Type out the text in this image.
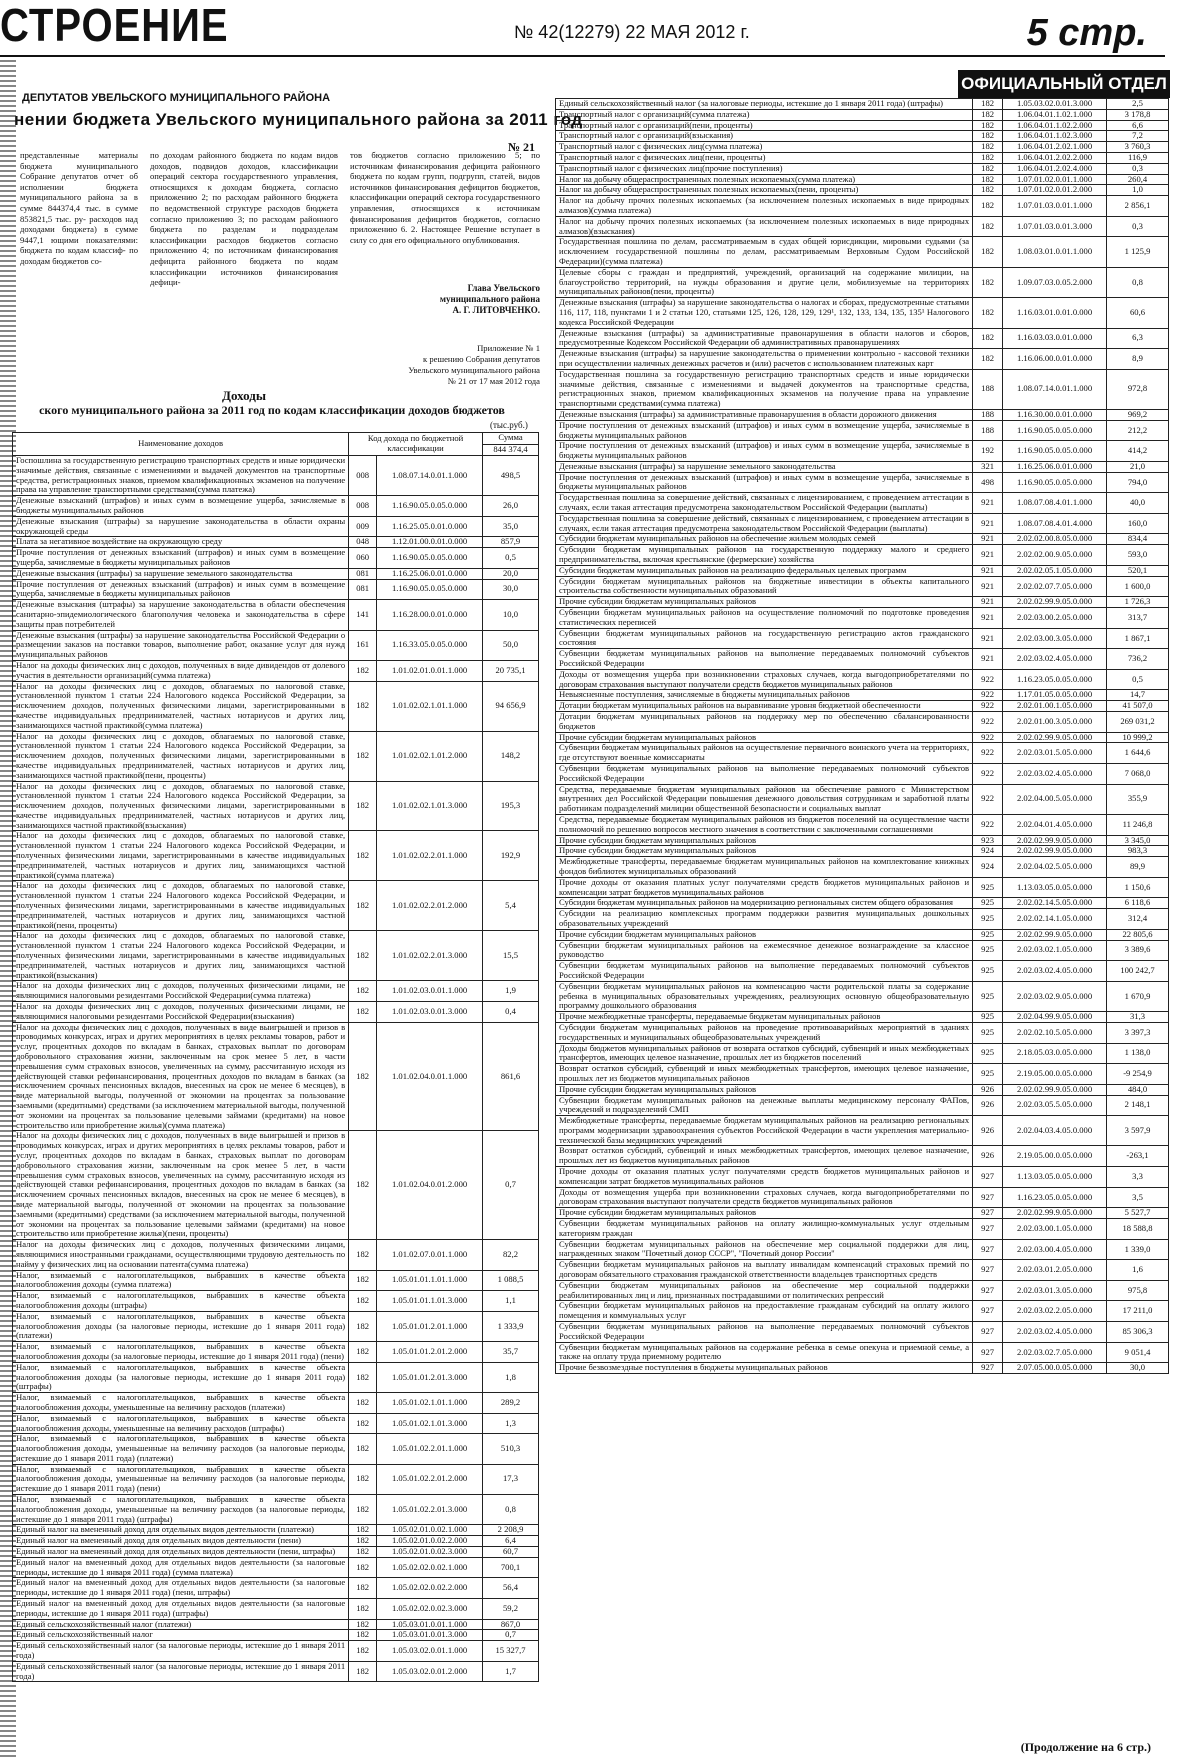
СТРОЕНИЕ	№ 42(12279) 22 МАЯ 2012 г.	5 стр.
ОФИЦИАЛЬНЫЙ ОТДЕЛ
ДЕПУТАТОВ УВЕЛЬСКОГО МУНИЦИПАЛЬНОГО РАЙОНА
нении бюджета Увельского муниципального района за 2011 год
№ 21

представленные материалы бюджета муниципального Собрание депутатов отчет об исполнении бюджета муниципального района за в сумме 844374,4 тыс. в сумме 853821,5 тыс. ру- расходов над доходами бюджета) в сумме 9447,1 ющими показателями: бюджета по кодам классиф- по доходам бюджетов со-

по доходам районного бюджета по кодам видов доходов, подвидов доходов, классификации операций сектора государственного управления, относящихся к доходам бюджета, согласно приложению 2; по расходам районного бюджета по ведомственной структуре расходов бюджета согласно приложению 3; по расходам районного бюджета по разделам и подразделам классификации расходов бюджетов согласно приложению 4; по источникам финансирования дефицита районного бюджета по кодам классификации источников финансирования дефици-

тов бюджетов согласно приложению 5; по источникам финансирования дефицита районного бюджета по кодам групп, подгрупп, статей, видов источников финансирования дефицитов бюджетов, классификации операций сектора государственного управления, относящихся к источникам финансирования дефицитов бюджетов, согласно приложению 6. 2. Настоящее Решение вступает в силу со дня его официального опубликования.

Глава Увельского
муниципального района
А. Г. ЛИТОВЧЕНКО.
Приложение № 1
к решению Собрания депутатов
Увельского муниципального района
№ 21 от 17 мая 2012 года
Доходы
ского муниципального района за 2011 год по кодам классификации доходов бюджетов
(тыс.руб.)
Наименование доходов	Код дохода по бюджетной классификации		Сумма
			844 374,4
Госпошлина за государственную регистрацию транспортных средств и иные юридически значимые действия, связанные с изменениями и выдачей документов на транспортные средства, регистрационных знаков, приемом квалификационных экзаменов на получение права на управление транспортными средствами(сумма платежа)	008	1.08.07.14.0.01.1.000	498,5
Денежные взысканий (штрафов) и иных сумм в возмещение ущерба, зачисляемые в бюджеты муниципальных районов	008	1.16.90.05.0.05.0.000	26,0
Денежные взыскания (штрафы) за нарушение законодательства в области охраны окружающей среды	009	1.16.25.05.0.01.0.000	35,0
Плата за негативное воздействие на окружающую среду	048	1.12.01.00.0.01.0.000	857,9
Прочие поступления от денежных взысканий (штрафов) и иных сумм в возмещение ущерба, зачисляемые в бюджеты муниципальных районов	060	1.16.90.05.0.05.0.000	0,5
Денежные взыскания (штрафы) за нарушение земельного законодательства	081	1.16.25.06.0.01.0.000	20,0
Прочие поступления от денежных взысканий (штрафов) и иных сумм в возмещение ущерба, зачисляемые в бюджеты муниципальных районов	081	1.16.90.05.0.05.0.000	30,0
Денежные взыскания (штрафы) за нарушение законодательства в области обеспечения санитарно-эпидемиологического благополучия человека и законодательства в сфере защиты прав потребителей	141	1.16.28.00.0.01.0.000	10,0
Денежные взыскания (штрафы) за нарушение законодательства Российской Федерации о размещении заказов на поставки товаров, выполнение работ, оказание услуг для нужд муниципальных районов	161	1.16.33.05.0.05.0.000	50,0
Налог на доходы физических лиц с доходов, полученных в виде дивидендов от долевого участия в деятельности организаций(сумма платежа)	182	1.01.02.01.0.01.1.000	20 735,1
Налог на доходы физических лиц с доходов, облагаемых по налоговой ставке, установленной пунктом 1 статьи 224 Налогового кодекса Российской Федерации, за исключением доходов, полученных физическими лицами, зарегистрированными в качестве индивидуальных предпринимателей, частных нотариусов и других лиц, занимающихся частной практикой(сумма платежа)	182	1.01.02.02.1.01.1.000	94 656,9
Налог на доходы физических лиц с доходов, облагаемых по налоговой ставке, установленной пунктом 1 статьи 224 Налогового кодекса Российской Федерации, за исключением доходов, полученных физическими лицами, зарегистрированными в качестве индивидуальных предпринимателей, частных нотариусов и других лиц, занимающихся частной практикой(пени, проценты)	182	1.01.02.02.1.01.2.000	148,2
Налог на доходы физических лиц с доходов, облагаемых по налоговой ставке, установленной пунктом 1 статьи 224 Налогового кодекса Российской Федерации, за исключением доходов, полученных физическими лицами, зарегистрированными в качестве индивидуальных предпринимателей, частных нотариусов и других лиц, занимающихся частной практикой(взыскания)	182	1.01.02.02.1.01.3.000	195,3
Налог на доходы физических лиц с доходов, облагаемых по налоговой ставке, установленной пунктом 1 статьи 224 Налогового кодекса Российской Федерации, и полученных физическими лицами, зарегистрированными в качестве индивидуальных предпринимателей, частных нотариусов и других лиц, занимающихся частной практикой(сумма платежа)	182	1.01.02.02.2.01.1.000	192,9
Налог на доходы физических лиц с доходов, облагаемых по налоговой ставке, установленной пунктом 1 статьи 224 Налогового кодекса Российской Федерации, и полученных физическими лицами, зарегистрированными в качестве индивидуальных предпринимателей, частных нотариусов и других лиц, занимающихся частной практикой(пени, проценты)	182	1.01.02.02.2.01.2.000	5,4
Налог на доходы физических лиц с доходов, облагаемых по налоговой ставке, установленной пунктом 1 статьи 224 Налогового кодекса Российской Федерации, и полученных физическими лицами, зарегистрированными в качестве индивидуальных предпринимателей, частных нотариусов и других лиц, занимающихся частной практикой(взыскания)	182	1.01.02.02.2.01.3.000	15,5
Налог на доходы физических лиц с доходов, полученных физическими лицами, не являющимися налоговыми резидентами Российской Федерации(сумма платежа)	182	1.01.02.03.0.01.1.000	1,9
Налог на доходы физических лиц с доходов, полученных физическими лицами, не являющимися налоговыми резидентами Российской Федерации(взыскания)	182	1.01.02.03.0.01.3.000	0,4
Налог на доходы физических лиц с доходов, полученных в виде выигрышей и призов в проводимых конкурсах, играх и других мероприятиях в целях рекламы товаров, работ и услуг, процентных доходов по вкладам в банках, страховых выплат по договорам добровольного страхования жизни, заключенным на срок менее 5 лет, в части превышения сумм страховых взносов, увеличенных на сумму, рассчитанную исходя из действующей ставки рефинансирования, процентных доходов по вкладам в банках (за исключением срочных пенсионных вкладов, внесенных на срок не менее 6 месяцев), в виде материальной выгоды, полученной от экономии на процентах за пользование заемными (кредитными) средствами (за исключением материальной выгоды, полученной от экономии на процентах за пользование целевыми займами (кредитами) на новое строительство или приобретение жилья)(сумма платежа)	182	1.01.02.04.0.01.1.000	861,6
Налог на доходы физических лиц с доходов, полученных в виде выигрышей и призов в проводимых конкурсах, играх и других мероприятиях в целях рекламы товаров, работ и услуг, процентных доходов по вкладам в банках, страховых выплат по договорам добровольного страхования жизни, заключенным на срок менее 5 лет, в части превышения сумм страховых взносов, увеличенных на сумму, рассчитанную исходя из действующей ставки рефинансирования, процентных доходов по вкладам в банках (за исключением срочных пенсионных вкладов, внесенных на срок не менее 6 месяцев), в виде материальной выгоды, полученной от экономии на процентах за пользование заемными (кредитными) средствами (за исключением материальной выгоды, полученной от экономии на процентах за пользование целевыми займами (кредитами) на новое строительство или приобретение жилья)(пени, проценты)	182	1.01.02.04.0.01.2.000	0,7
Налог на доходы физических лиц с доходов, полученных физическими лицами, являющимися иностранными гражданами, осуществляющими трудовую деятельность по найму у физических лиц на основании патента(сумма платежа)	182	1.01.02.07.0.01.1.000	82,2
Налог, взимаемый с налогоплательщиков, выбравших в качестве объекта налогообложения доходы (сумма платежа)	182	1.05.01.01.1.01.1.000	1 088,5
Налог, взимаемый с налогоплательщиков, выбравших в качестве объекта налогообложения доходы (штрафы)	182	1.05.01.01.1.01.3.000	1,1
Налог, взимаемый с налогоплательщиков, выбравших в качестве объекта налогообложения доходы (за налоговые периоды, истекшие до 1 января 2011 года) (платежи)	182	1.05.01.01.2.01.1.000	1 333,9
Налог, взимаемый с налогоплательщиков, выбравших в качестве объекта налогообложения доходы (за налоговые периоды, истекшие до 1 января 2011 года) (пени)	182	1.05.01.01.2.01.2.000	35,7
Налог, взимаемый с налогоплательщиков, выбравших в качестве объекта налогообложения доходы (за налоговые периоды, истекшие до 1 января 2011 года) (штрафы)	182	1.05.01.01.2.01.3.000	1,8
Налог, взимаемый с налогоплательщиков, выбравших в качестве объекта налогообложения доходы, уменьшенные на величину расходов (платежи)	182	1.05.01.02.1.01.1.000	289,2
Налог, взимаемый с налогоплательщиков, выбравших в качестве объекта налогообложения доходы, уменьшенные на величину расходов (штрафы)	182	1.05.01.02.1.01.3.000	1,3
Налог, взимаемый с налогоплательщиков, выбравших в качестве объекта налогообложения доходы, уменьшенные на величину расходов (за налоговые периоды, истекшие до 1 января 2011 года) (платежи)	182	1.05.01.02.2.01.1.000	510,3
Налог, взимаемый с налогоплательщиков, выбравших в качестве объекта налогообложения доходы, уменьшенные на величину расходов (за налоговые периоды, истекшие до 1 января 2011 года) (пени)	182	1.05.01.02.2.01.2.000	17,3
Налог, взимаемый с налогоплательщиков, выбравших в качестве объекта налогообложения доходы, уменьшенные на величину расходов (за налоговые периоды, истекшие до 1 января 2011 года) (штрафы)	182	1.05.01.02.2.01.3.000	0,8
Единый налог на вмененный доход для отдельных видов деятельности (платежи)	182	1.05.02.01.0.02.1.000	2 208,9
Единый налог на вмененный доход для отдельных видов деятельности (пени)	182	1.05.02.01.0.02.2.000	6,4
Единый налог на вмененный доход для отдельных видов деятельности (пени, штрафы)	182	1.05.02.01.0.02.3.000	60,7
Единый налог на вмененный доход для отдельных видов деятельности (за налоговые периоды, истекшие до 1 января 2011 года) (сумма платежа)	182	1.05.02.02.0.02.1.000	700,1
Единый налог на вмененный доход для отдельных видов деятельности (за налоговые периоды, истекшие до 1 января 2011 года) (пени, штрафы)	182	1.05.02.02.0.02.2.000	56,4
Единый налог на вмененный доход для отдельных видов деятельности (за налоговые периоды, истекшие до 1 января 2011 года) (штрафы)	182	1.05.02.02.0.02.3.000	59,2
Единый сельскохозяйственный налог (платежи)	182	1.05.03.01.0.01.1.000	867,0
Единый сельскохозяйственный налог	182	1.05.03.01.0.01.3.000	0,7
Единый сельскохозяйственный налог (за налоговые периоды, истекшие до 1 января 2011 года)	182	1.05.03.02.0.01.1.000	15 327,7
Единый сельскохозяйственный налог (за налоговые периоды, истекшие до 1 января 2011 года)	182	1.05.03.02.0.01.2.000	1,7
Единый сельскохозяйственный налог (за налоговые периоды, истекшие до 1 января 2011 года) (штрафы)	182	1.05.03.02.0.01.3.000	2,5
Транспортный налог с организаций(сумма платежа)	182	1.06.04.01.1.02.1.000	3 178,8
Транспортный налог с организаций(пени, проценты)	182	1.06.04.01.1.02.2.000	6,6
Транспортный налог с организаций(взыскания)	182	1.06.04.01.1.02.3.000	7,2
Транспортный налог с физических лиц(сумма платежа)	182	1.06.04.01.2.02.1.000	3 760,3
Транспортный налог с физических лиц(пени, проценты)	182	1.06.04.01.2.02.2.000	116,9
Транспортный налог с физических лиц(прочие поступления)	182	1.06.04.01.2.02.4.000	0,3
Налог на добычу общераспространенных полезных ископаемых(сумма платежа)	182	1.07.01.02.0.01.1.000	260,4
Налог на добычу общераспространенных полезных ископаемых(пени, проценты)	182	1.07.01.02.0.01.2.000	1,0
Налог на добычу прочих полезных ископаемых (за исключением полезных ископаемых в виде природных алмазов)(сумма платежа)	182	1.07.01.03.0.01.1.000	2 856,1
Налог на добычу прочих полезных ископаемых (за исключением полезных ископаемых в виде природных алмазов)(взыскания)	182	1.07.01.03.0.01.3.000	0,3
Государственная пошлина по делам, рассматриваемым в судах общей юрисдикции, мировыми судьями (за исключением государственной пошлины по делам, рассматриваемым Верховным Судом Российской Федерации)(сумма платежа)	182	1.08.03.01.0.01.1.000	1 125,9
Целевые сборы с граждан и предприятий, учреждений, организаций на содержание милиции, на благоустройство территорий, на нужды образования и другие цели, мобилизуемые на территориях муниципальных районов(пени, проценты)	182	1.09.07.03.0.05.2.000	0,8
Денежные взыскания (штрафы) за нарушение законодательства о налогах и сборах, предусмотренные статьями 116, 117, 118, пунктами 1 и 2 статьи 120, статьями 125, 126, 128, 129, 129¹, 132, 133, 134, 135, 135¹ Налогового кодекса Российской Федерации	182	1.16.03.01.0.01.0.000	60,6
Денежные взыскания (штрафы) за административные правонарушения в области налогов и сборов, предусмотренные Кодексом Российской Федерации об административных правонарушениях	182	1.16.03.03.0.01.0.000	6,3
Денежные взыскания (штрафы) за нарушение законодательства о применении контрольно - кассовой техники при осуществлении наличных денежных расчетов и (или) расчетов с использованием платежных карт	182	1.16.06.00.0.01.0.000	8,9
Государственная пошлина за государственную регистрацию транспортных средств и иные юридически значимые действия, связанные с изменениями и выдачей документов на транспортные средства, регистрационных знаков, приемом квалификационных экзаменов на получение права на управление транспортными средствами(сумма платежа)	188	1.08.07.14.0.01.1.000	972,8
Денежные взыскания (штрафы) за административные правонарушения в области дорожного движения	188	1.16.30.00.0.01.0.000	969,2
Прочие поступления от денежных взысканий (штрафов) и иных сумм в возмещение ущерба, зачисляемые в бюджеты муниципальных районов	188	1.16.90.05.0.05.0.000	212,2
Прочие поступления от денежных взысканий (штрафов) и иных сумм в возмещение ущерба, зачисляемые в бюджеты муниципальных районов	192	1.16.90.05.0.05.0.000	414,2
Денежные взыскания (штрафы) за нарушение земельного законодательства	321	1.16.25.06.0.01.0.000	21,0
Прочие поступления от денежных взысканий (штрафов) и иных сумм в возмещение ущерба, зачисляемые в бюджеты муниципальных районов	498	1.16.90.05.0.05.0.000	794,0
Государственная пошлина за совершение действий, связанных с лицензированием, с проведением аттестации в случаях, если такая аттестация предусмотрена законодательством Российской Федерации (выплаты)	921	1.08.07.08.4.01.1.000	40,0
Государственная пошлина за совершение действий, связанных с лицензированием, с проведением аттестации в случаях, если такая аттестация предусмотрена законодательством Российской Федерации (выплаты)	921	1.08.07.08.4.01.4.000	160,0
Субсидии бюджетам муниципальных районов на обеспечение жильем молодых семей	921	2.02.02.00.8.05.0.000	834,4
Субсидии бюджетам муниципальных районов на государственную поддержку малого и среднего предпринимательства, включая крестьянские (фермерские) хозяйства	921	2.02.02.00.9.05.0.000	593,0
Субсидии бюджетам муниципальных районов на реализацию федеральных целевых программ	921	2.02.02.05.1.05.0.000	520,1
Субсидии бюджетам муниципальных районов на бюджетные инвестиции в объекты капитального строительства собственности муниципальных образований	921	2.02.02.07.7.05.0.000	1 600,0
Прочие субсидии бюджетам муниципальных районов	921	2.02.02.99.9.05.0.000	1 726,3
Субвенции бюджетам муниципальных районов на осуществление полномочий по подготовке проведения статистических переписей	921	2.02.03.00.2.05.0.000	313,7
Субвенции бюджетам муниципальных районов на государственную регистрацию актов гражданского состояния	921	2.02.03.00.3.05.0.000	1 867,1
Субвенции бюджетам муниципальных районов на выполнение передаваемых полномочий субъектов Российской Федерации	921	2.02.03.02.4.05.0.000	736,2
Доходы от возмещения ущерба при возникновении страховых случаев, когда выгодоприобретателями по договорам страхования выступают получатели средств бюджетов муниципальных районов	922	1.16.23.05.0.05.0.000	0,5
Невыясненные поступления, зачисляемые в бюджеты муниципальных районов	922	1.17.01.05.0.05.0.000	14,7
Дотации бюджетам муниципальных районов на выравнивание уровня бюджетной обеспеченности	922	2.02.01.00.1.05.0.000	41 507,0
Дотации бюджетам муниципальных районов на поддержку мер по обеспечению сбалансированности бюджетов	922	2.02.01.00.3.05.0.000	269 031,2
Прочие субсидии бюджетам муниципальных районов	922	2.02.02.99.9.05.0.000	10 999,2
Субвенции бюджетам муниципальных районов на осуществление первичного воинского учета на территориях, где отсутствуют военные комиссариаты	922	2.02.03.01.5.05.0.000	1 644,6
Субвенции бюджетам муниципальных районов на выполнение передаваемых полномочий субъектов Российской Федерации	922	2.02.03.02.4.05.0.000	7 068,0
Средства, передаваемые бюджетам муниципальных районов на обеспечение равного с Министерством внутренних дел Российской Федерации повышения денежного довольствия сотрудникам и заработной платы работникам подразделений милиции общественной безопасности и социальных выплат	922	2.02.04.00.5.05.0.000	355,9
Средства, передаваемые бюджетам муниципальных районов из бюджетов поселений на осуществление части полномочий по решению вопросов местного значения в соответствии с заключенными соглашениями	922	2.02.04.01.4.05.0.000	11 246,8
Прочие субсидии бюджетам муниципальных районов	923	2.02.02.99.9.05.0.000	3 345,0
Прочие субсидии бюджетам муниципальных районов	924	2.02.02.99.9.05.0.000	983,3
Межбюджетные трансферты, передаваемые бюджетам муниципальных районов на комплектование книжных фондов библиотек муниципальных образований	924	2.02.04.02.5.05.0.000	89,9
Прочие доходы от оказания платных услуг получателями средств бюджетов муниципальных районов и компенсации затрат бюджетов муниципальных районов	925	1.13.03.05.0.05.0.000	1 150,6
Субсидии бюджетам муниципальных районов на модернизацию региональных систем общего образования	925	2.02.02.14.5.05.0.000	6 118,6
Субсидии на реализацию комплексных программ поддержки развития муниципальных дошкольных образовательных учреждений	925	2.02.02.14.1.05.0.000	312,4
Прочие субсидии бюджетам муниципальных районов	925	2.02.02.99.9.05.0.000	22 805,6
Субвенции бюджетам муниципальных районов на ежемесячное денежное вознаграждение за классное руководство	925	2.02.03.02.1.05.0.000	3 389,6
Субвенции бюджетам муниципальных районов на выполнение передаваемых полномочий субъектов Российской Федерации	925	2.02.03.02.4.05.0.000	100 242,7
Субвенции бюджетам муниципальных районов на компенсацию части родительской платы за содержание ребенка в муниципальных образовательных учреждениях, реализующих основную общеобразовательную программу дошкольного образования	925	2.02.03.02.9.05.0.000	1 670,9
Прочие межбюджетные трансферты, передаваемые бюджетам муниципальных районов	925	2.02.04.99.9.05.0.000	31,3
Субсидии бюджетам муниципальных районов на проведение противоаварийных мероприятий в зданиях государственных и муниципальных общеобразовательных учреждений	925	2.02.02.10.5.05.0.000	3 397,3
Доходы бюджетов муниципальных районов от возврата остатков субсидий, субвенций и иных межбюджетных трансфертов, имеющих целевое назначение, прошлых лет из бюджетов поселений	925	2.18.05.03.0.05.0.000	1 138,0
Возврат остатков субсидий, субвенций и иных межбюджетных трансфертов, имеющих целевое назначение, прошлых лет из бюджетов муниципальных районов	925	2.19.05.00.0.05.0.000	-9 254,9
Прочие субсидии бюджетам муниципальных районов	926	2.02.02.99.9.05.0.000	484,0
Субвенции бюджетам муниципальных районов на денежные выплаты медицинскому персоналу ФАПов, учреждений и подразделений СМП	926	2.02.03.05.5.05.0.000	2 148,1
Межбюджетные трансферты, передаваемые бюджетам муниципальных районов на реализацию региональных программ модернизации здравоохранения субъектов Российской Федерации в части укрепления материально-технической базы медицинских учреждений	926	2.02.04.03.4.05.0.000	3 597,9
Возврат остатков субсидий, субвенций и иных межбюджетных трансфертов, имеющих целевое назначение, прошлых лет из бюджетов муниципальных районов	926	2.19.05.00.0.05.0.000	-263,1
Прочие доходы от оказания платных услуг получателями средств бюджетов муниципальных районов и компенсации затрат бюджетов муниципальных районов	927	1.13.03.05.0.05.0.000	3,3
Доходы от возмещения ущерба при возникновении страховых случаев, когда выгодоприобретателями по договорам страхования выступают получатели средств бюджетов муниципальных районов	927	1.16.23.05.0.05.0.000	3,5
Прочие субсидии бюджетам муниципальных районов	927	2.02.02.99.9.05.0.000	5 527,7
Субвенции бюджетам муниципальных районов на оплату жилищно-коммунальных услуг отдельным категориям граждан	927	2.02.03.00.1.05.0.000	18 588,8
Субвенции бюджетам муниципальных районов на обеспечение мер социальной поддержки для лиц, награжденных знаком "Почетный донор СССР", "Почетный донор России"	927	2.02.03.00.4.05.0.000	1 339,0
Субвенции бюджетам муниципальных районов на выплату инвалидам компенсаций страховых премий по договорам обязательного страхования гражданской ответственности владельцев транспортных средств	927	2.02.03.01.2.05.0.000	1,6
Субвенции бюджетам муниципальных районов на обеспечение мер социальной поддержки реабилитированных лиц и лиц, признанных пострадавшими от политических репрессий	927	2.02.03.01.3.05.0.000	975,8
Субвенции бюджетам муниципальных районов на предоставление гражданам субсидий на оплату жилого помещения и коммунальных услуг	927	2.02.03.02.2.05.0.000	17 211,0
Субвенции бюджетам муниципальных районов на выполнение передаваемых полномочий субъектов Российской Федерации	927	2.02.03.02.4.05.0.000	85 306,3
Субвенции бюджетам муниципальных районов на содержание ребенка в семье опекуна и приемной семье, а также на оплату труда приемному родителю	927	2.02.03.02.7.05.0.000	9 051,4
Прочие безвозмездные поступления в бюджеты муниципальных районов	927	2.07.05.00.0.05.0.000	30,0
(Продолжение на 6 стр.)
